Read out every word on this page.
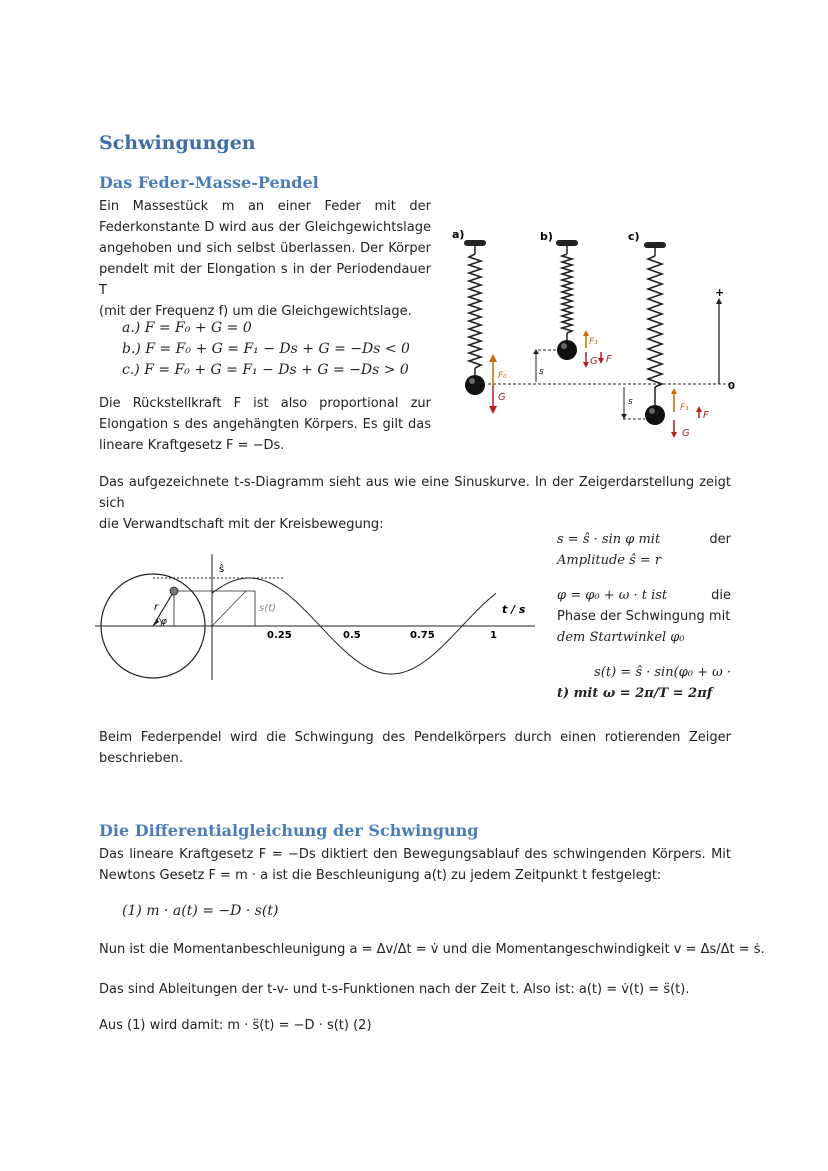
Schwingungen
Das Feder-Masse-Pendel
Ein Massestück m an einer Feder mit der
Federkonstante D wird aus der Gleichgewichtslage
angehoben und sich selbst überlassen. Der Körper
pendelt mit der Elongation s in der Periodendauer T
(mit der Frequenz f) um die Gleichgewichtslage.
a.) F = F₀ + G = 0
b.) F = F₀ + G = F₁ − Ds + G = −Ds < 0
c.) F = F₀ + G = F₁ − Ds + G = −Ds > 0
Die Rückstellkraft F ist also proportional zur
Elongation s des angehängten Körpers. Es gilt das
lineare Kraftgesetz F = −Ds.
a)	b)	c)
s
s
F₀
G
F₁
G F
F₁
G
F
+
0
Das aufgezeichnete t-s-Diagramm sieht aus wie eine Sinuskurve. In der Zeigerdarstellung zeigt sich
die Verwandtschaft mit der Kreisbewegung:
r
φ
ŝ
s(t)	t / s
0.25	0.5	0.75	1
s = ŝ · sin φ mit	der
Amplitude ŝ = r
φ = φ₀ + ω · t ist	die
Phase der Schwingung mit
dem Startwinkel φ₀
s(t) = ŝ · sin(φ₀ + ω ·
t) mit ω = 2π/T = 2πf
Beim Federpendel wird die Schwingung des Pendelkörpers durch einen rotierenden Zeiger
beschrieben.
Die Differentialgleichung der Schwingung
Das lineare Kraftgesetz F = −Ds diktiert den Bewegungsablauf des schwingenden Körpers. Mit
Newtons Gesetz F = m · a ist die Beschleunigung a(t) zu jedem Zeitpunkt t festgelegt:
(1) m · a(t) = −D · s(t)
Nun ist die Momentanbeschleunigung a = Δv/Δt = v̇ und die Momentangeschwindigkeit v = Δs/Δt = ṡ.
Das sind Ableitungen der t-v- und t-s-Funktionen nach der Zeit t. Also ist: a(t) = v̇(t) = s̈(t).
Aus (1) wird damit: m · s̈(t) = −D · s(t) (2)
